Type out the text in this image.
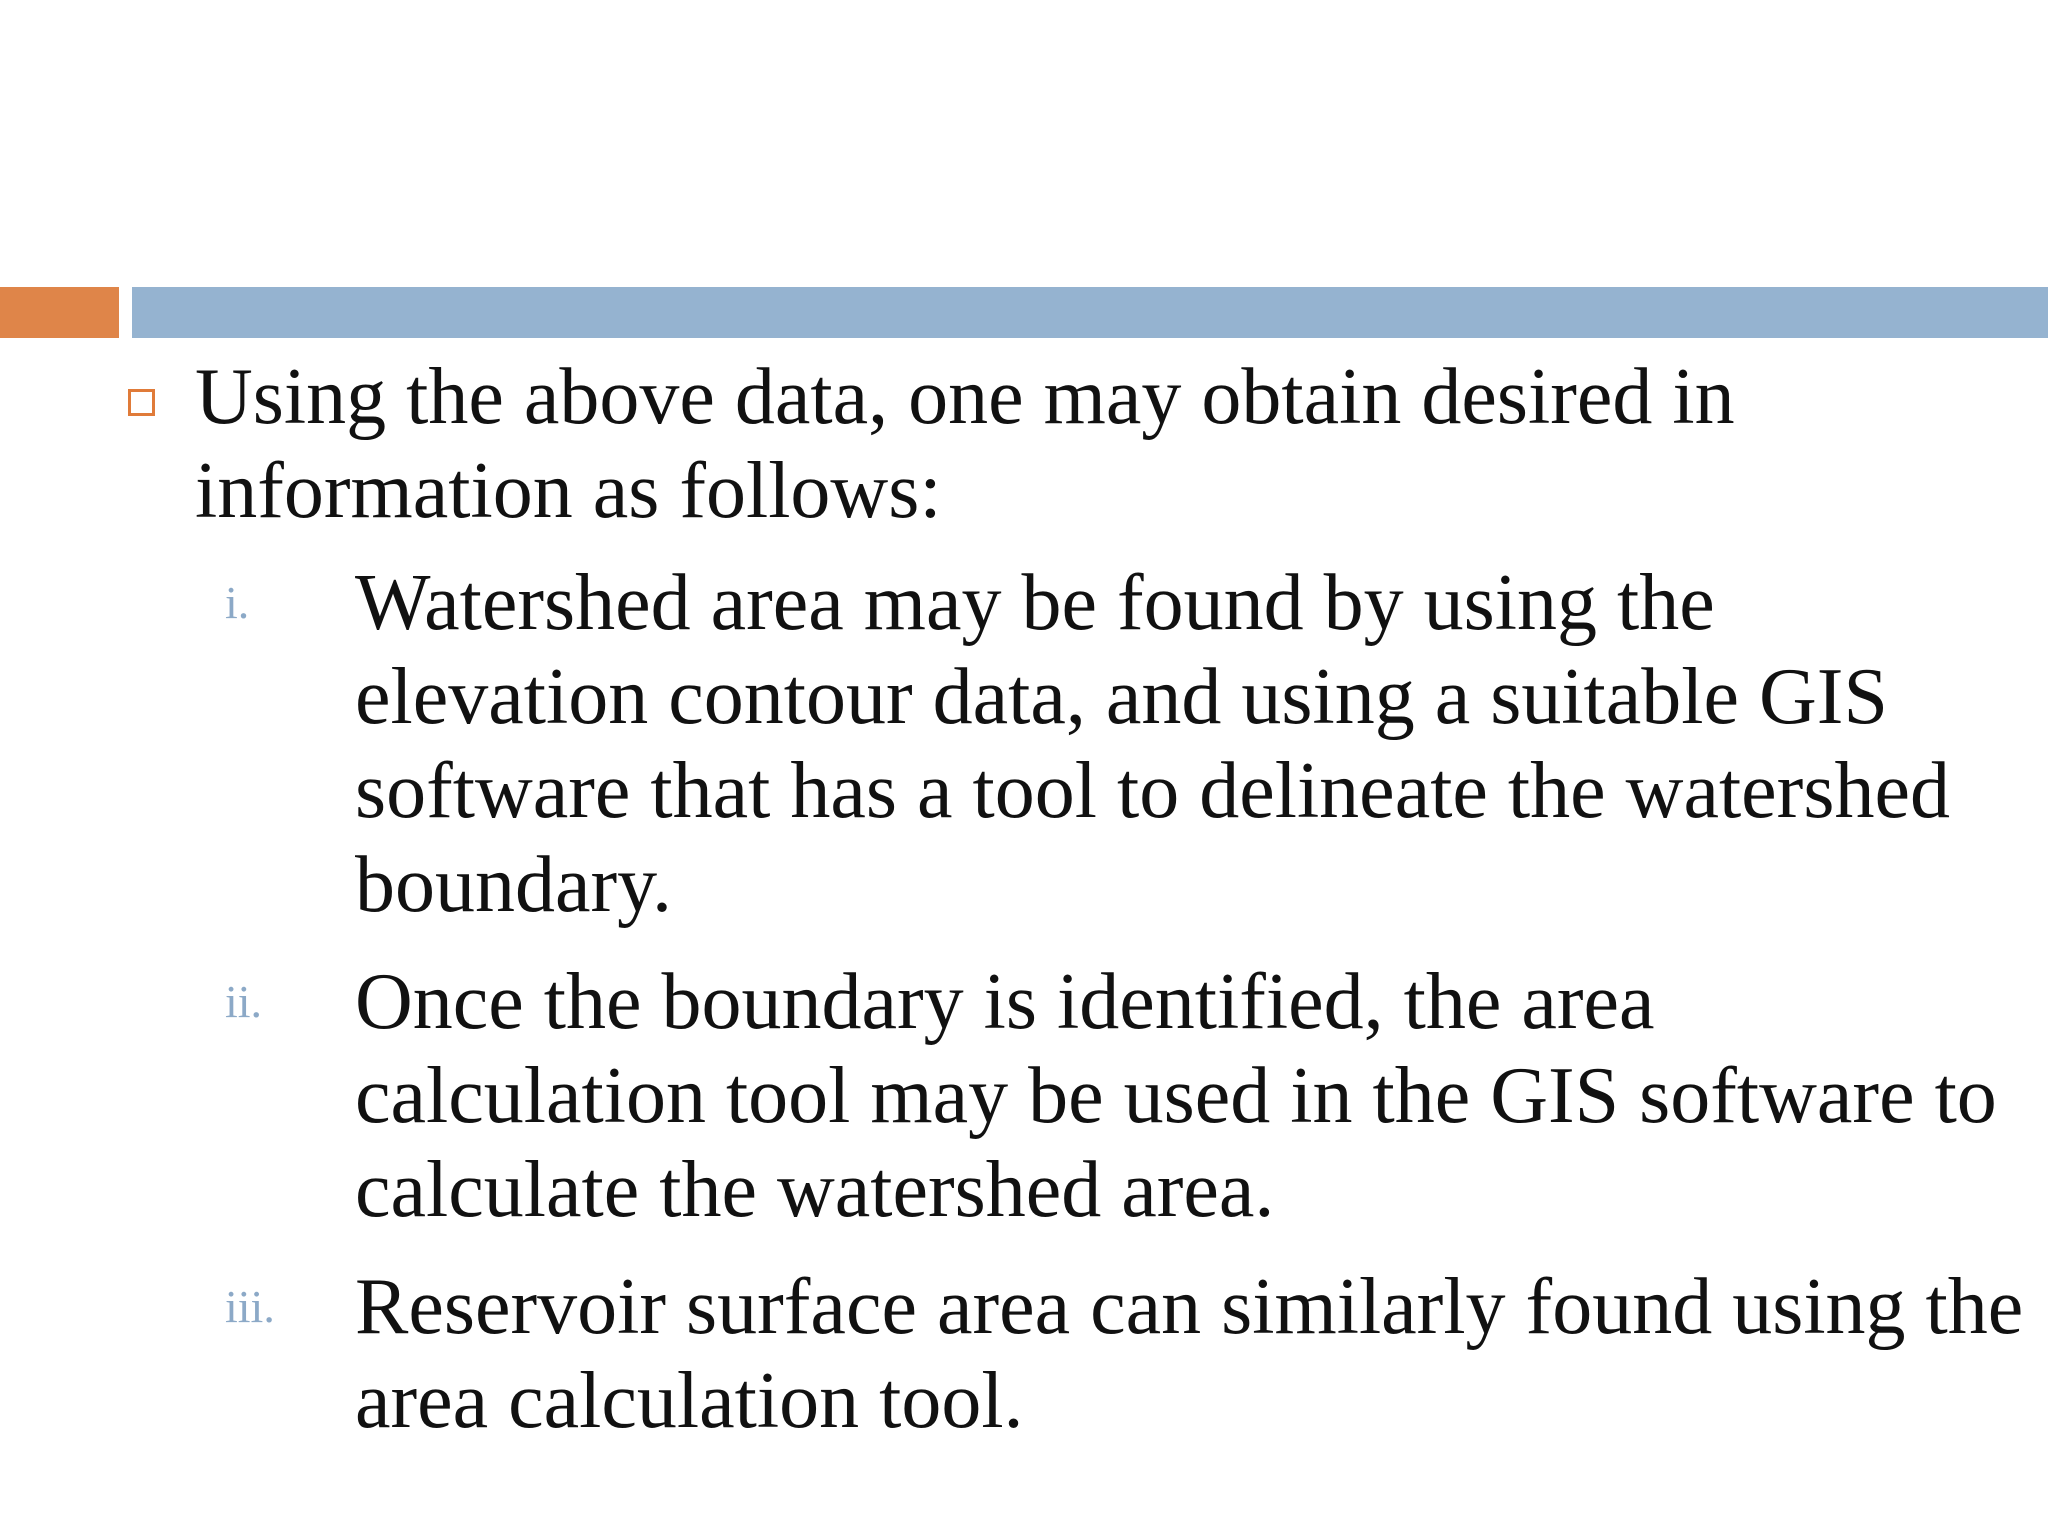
Using the above data, one may obtain desired in information as follows:

i. Watershed area may be found by using the elevation contour data, and using a suitable GIS software that has a tool to delineate the watershed boundary.

ii. Once the boundary is identified, the area calculation tool may be used in the GIS software to calculate the watershed area.

iii. Reservoir surface area can similarly found using the area calculation tool.
